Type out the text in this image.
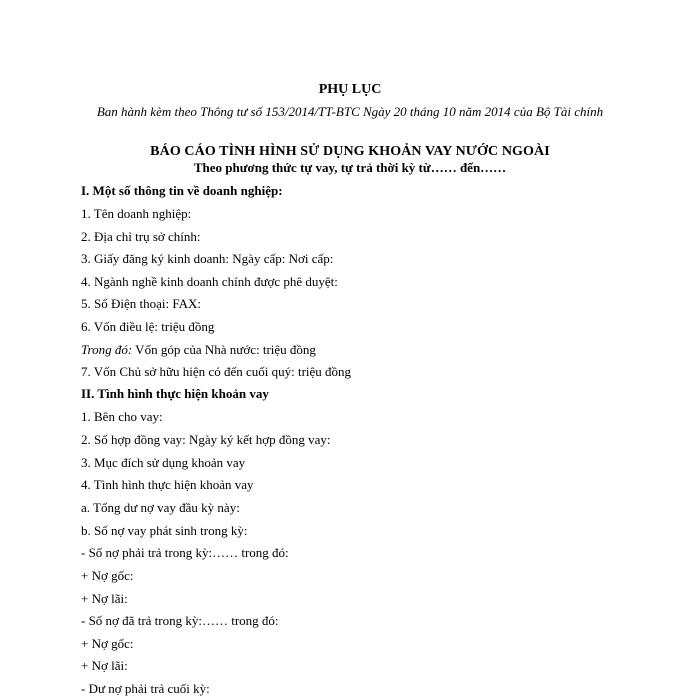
PHỤ LỤC
Ban hành kèm theo Thông tư số 153/2014/TT-BTC Ngày 20 tháng 10 năm 2014 của Bộ Tài chính
BÁO CÁO TÌNH HÌNH SỬ DỤNG KHOẢN VAY NƯỚC NGOÀI
Theo phương thức tự vay, tự trả thời kỳ từ…… đến……
I. Một số thông tin về doanh nghiệp:
1. Tên doanh nghiệp:
2. Địa chỉ trụ sở chính:
3. Giấy đăng ký kinh doanh: Ngày cấp: Nơi cấp:
4. Ngành nghề kinh doanh chính được phê duyệt:
5. Số Điện thoại: FAX:
6. Vốn điều lệ: triệu đồng
Trong đó: Vốn góp của Nhà nước: triệu đồng
7. Vốn Chủ sở hữu hiện có đến cuối quý: triệu đồng
II. Tình hình thực hiện khoản vay
1. Bên cho vay:
2. Số hợp đồng vay: Ngày ký kết hợp đồng vay:
3. Mục đích sử dụng khoản vay
4. Tình hình thực hiện khoản vay
a. Tổng dư nợ vay đầu kỳ này:
b. Số nợ vay phát sinh trong kỳ:
- Số nợ phải trả trong kỳ:…… trong đó:
+ Nợ gốc:
+ Nợ lãi:
- Số nợ đã trả trong kỳ:…… trong đó:
+ Nợ gốc:
+ Nợ lãi:
- Dư nợ phải trả cuối kỳ:
